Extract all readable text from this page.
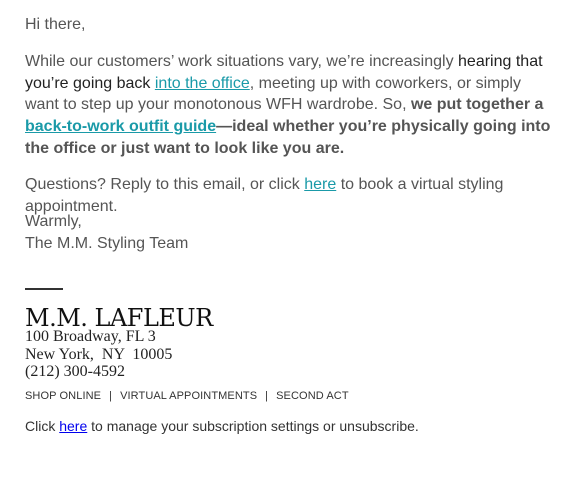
Hi there,

While our customers’ work situations vary, we’re increasingly hearing that you’re going back into the office, meeting up with coworkers, or simply want to step up your monotonous WFH wardrobe. So, we put together a back-to-work outfit guide—ideal whether you’re physically going into the office or just want to look like you are.

Questions? Reply to this email, or click here to book a virtual styling appointment.

Warmly,
The M.M. Styling Team
M.M. LAFLEUR
100 Broadway, FL 3
New York,  NY  10005
(212) 300-4592
SHOP ONLINE | VIRTUAL APPOINTMENTS | SECOND ACT
Click here to manage your subscription settings or unsubscribe.
